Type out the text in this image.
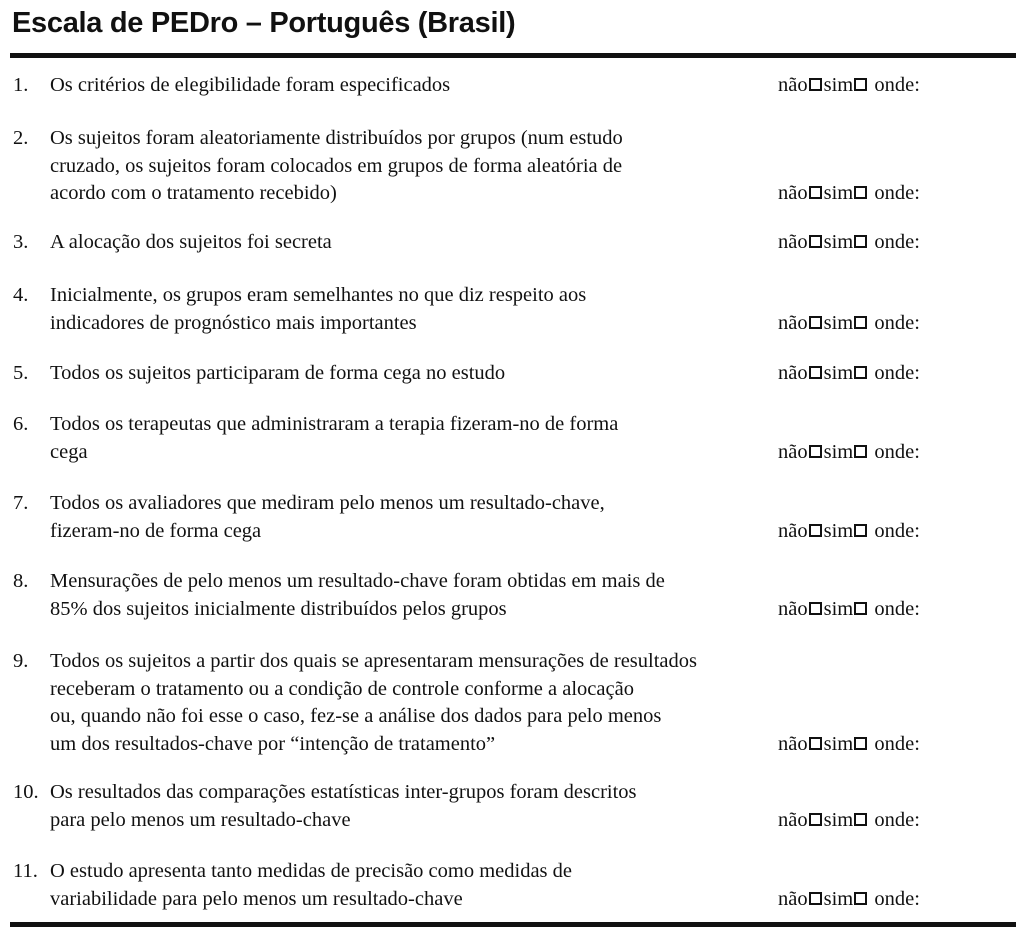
Escala de PEDro – Português (Brasil)
1. Os critérios de elegibilidade foram especificados	não sim onde:
2. Os sujeitos foram aleatoriamente distribuídos por grupos (num estudo
cruzado, os sujeitos foram colocados em grupos de forma aleatória de
acordo com o tratamento recebido)	não sim onde:
3. A alocação dos sujeitos foi secreta	não sim onde:
4. Inicialmente, os grupos eram semelhantes no que diz respeito aos
indicadores de prognóstico mais importantes	não sim onde:
5. Todos os sujeitos participaram de forma cega no estudo	não sim onde:
6. Todos os terapeutas que administraram a terapia fizeram-no de forma
cega	não sim onde:
7. Todos os avaliadores que mediram pelo menos um resultado-chave,
fizeram-no de forma cega	não sim onde:
8. Mensurações de pelo menos um resultado-chave foram obtidas em mais de
85% dos sujeitos inicialmente distribuídos pelos grupos	não sim onde:
9. Todos os sujeitos a partir dos quais se apresentaram mensurações de resultados
receberam o tratamento ou a condição de controle conforme a alocação
ou, quando não foi esse o caso, fez-se a análise dos dados para pelo menos
um dos resultados-chave por “intenção de tratamento”	não sim onde:
10. Os resultados das comparações estatísticas inter-grupos foram descritos
para pelo menos um resultado-chave	não sim onde:
11. O estudo apresenta tanto medidas de precisão como medidas de
variabilidade para pelo menos um resultado-chave	não sim onde:
